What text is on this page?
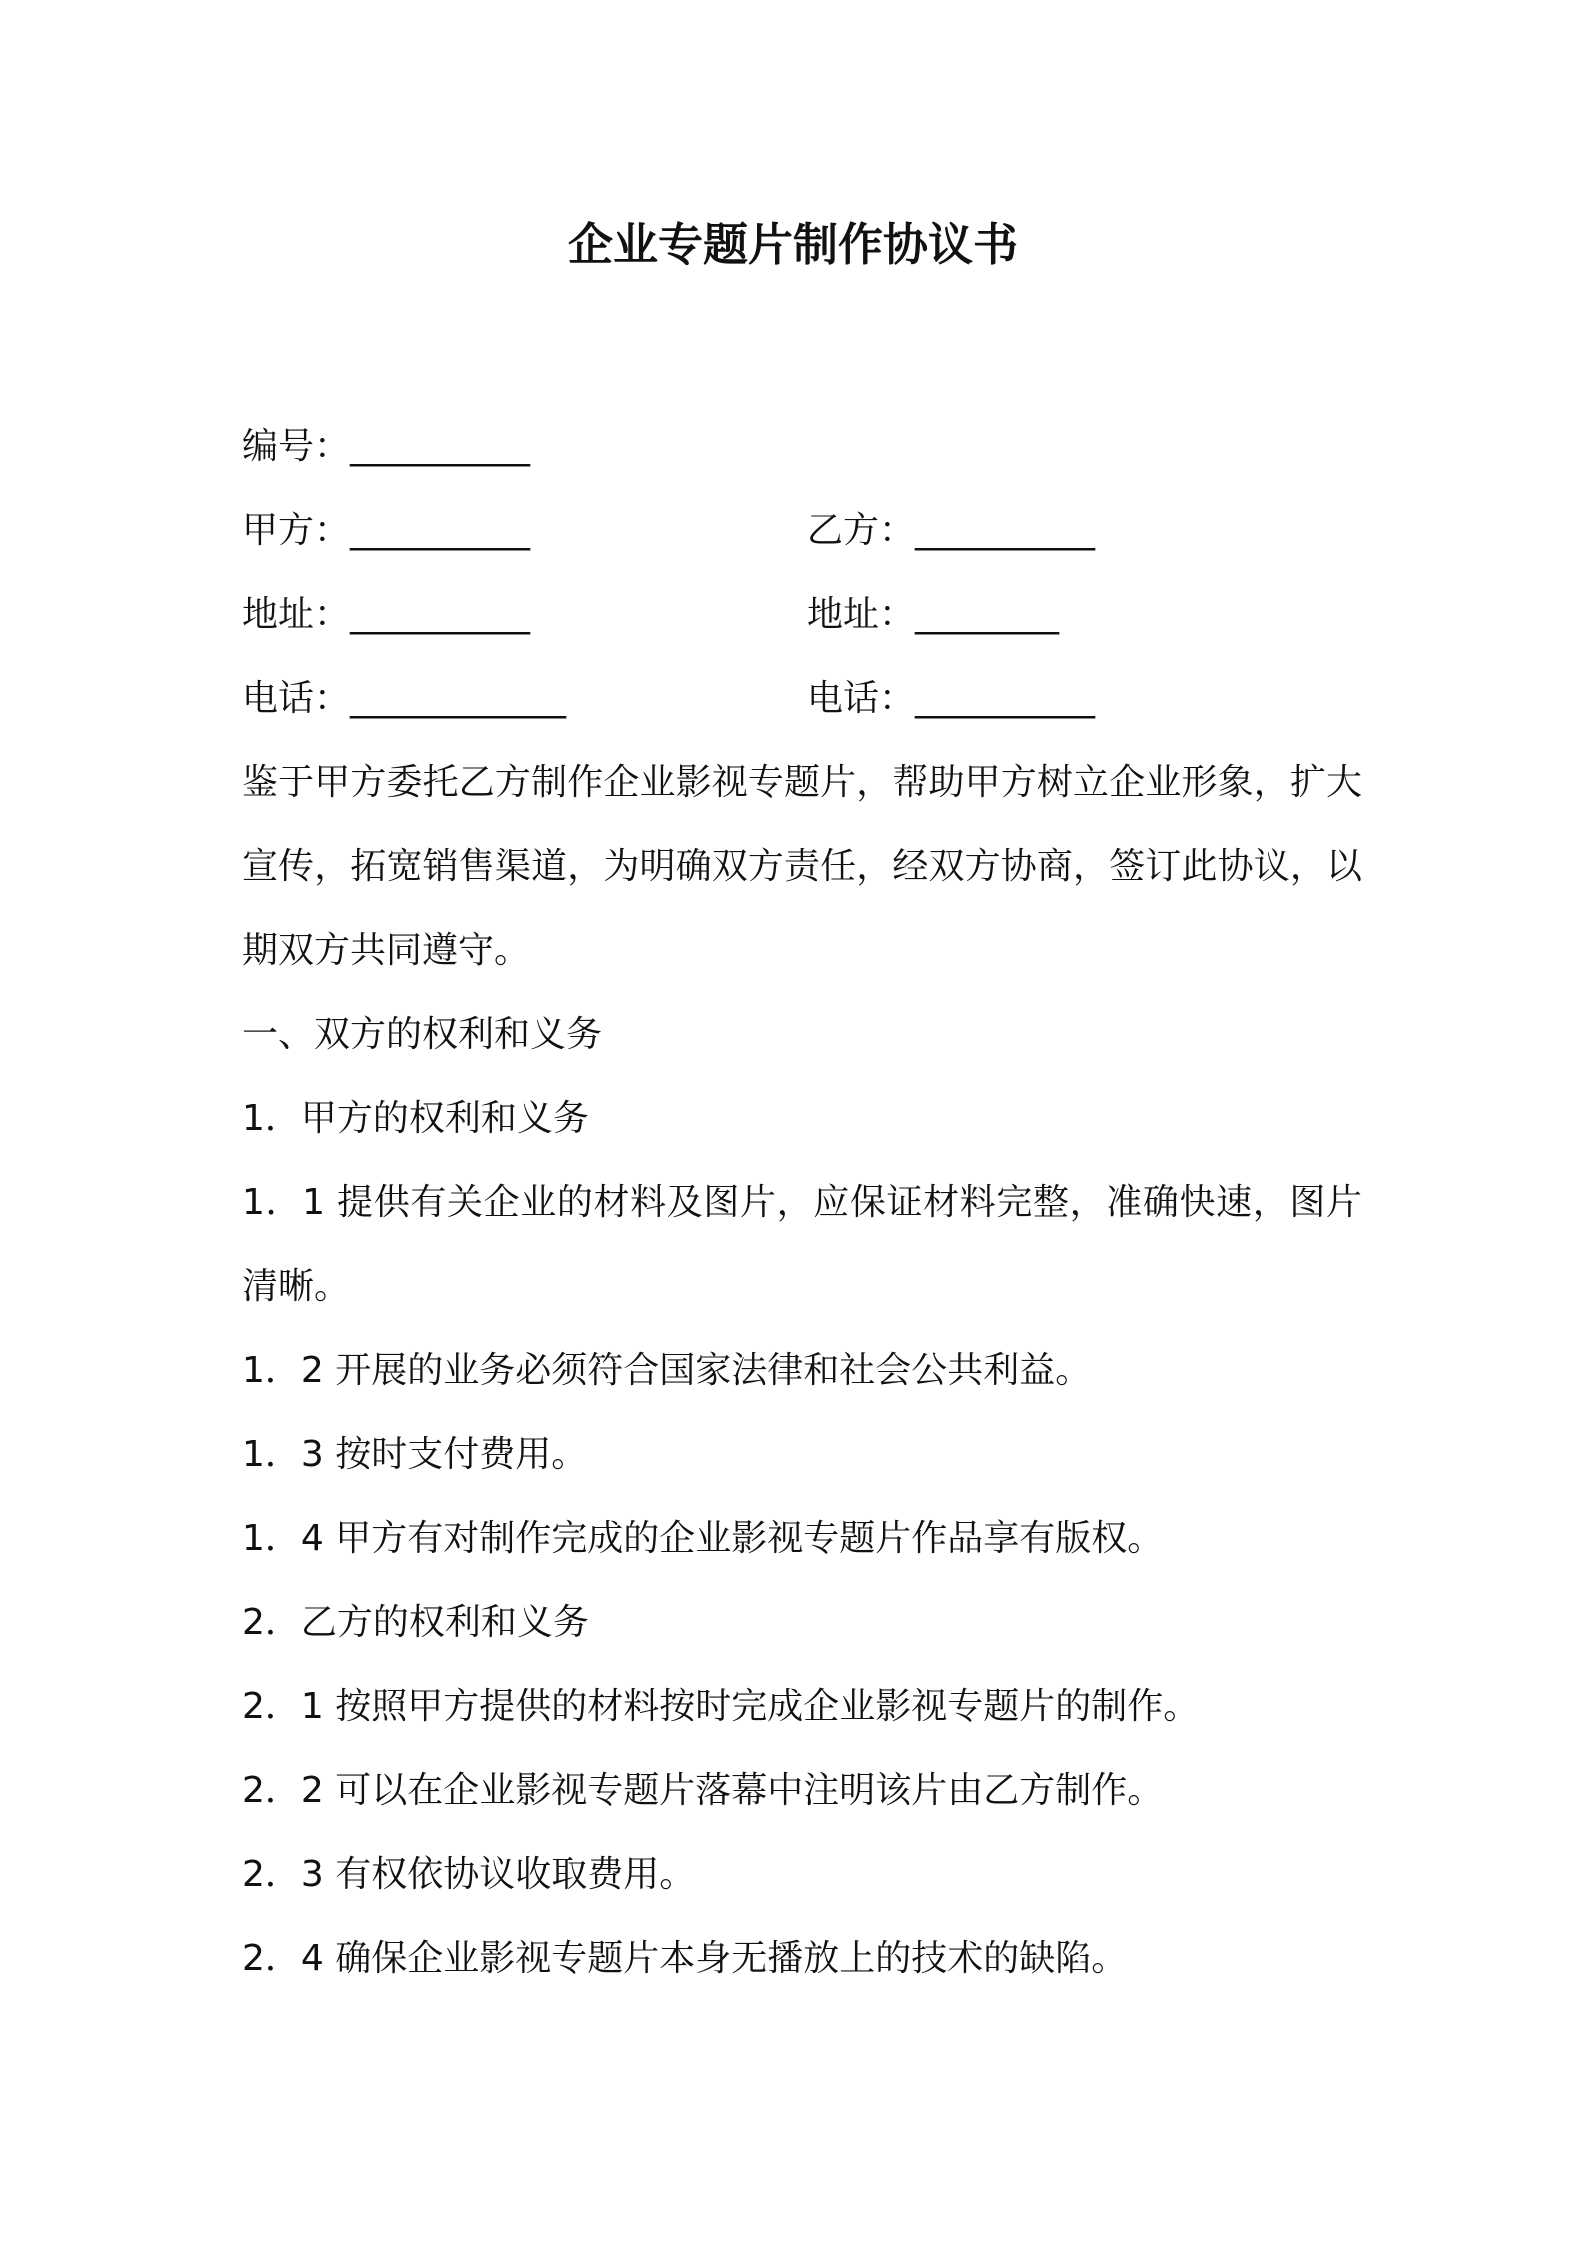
企业专题片制作协议书
编号：__________
甲方：__________	乙方：__________
地址：__________	地址：________
电话：____________	电话：__________

鉴于甲方委托乙方制作企业影视专题片，帮助甲方树立企业形象，扩大宣传，拓宽销售渠道，为明确双方责任，经双方协商，签订此协议，以期双方共同遵守。

一、双方的权利和义务

1．甲方的权利和义务

1．1 提供有关企业的材料及图片，应保证材料完整，准确快速，图片清晰。

1．2 开展的业务必须符合国家法律和社会公共利益。

1．3 按时支付费用。

1．4 甲方有对制作完成的企业影视专题片作品享有版权。

2．乙方的权利和义务

2．1 按照甲方提供的材料按时完成企业影视专题片的制作。

2．2 可以在企业影视专题片落幕中注明该片由乙方制作。

2．3 有权依协议收取费用。

2．4 确保企业影视专题片本身无播放上的技术的缺陷。
